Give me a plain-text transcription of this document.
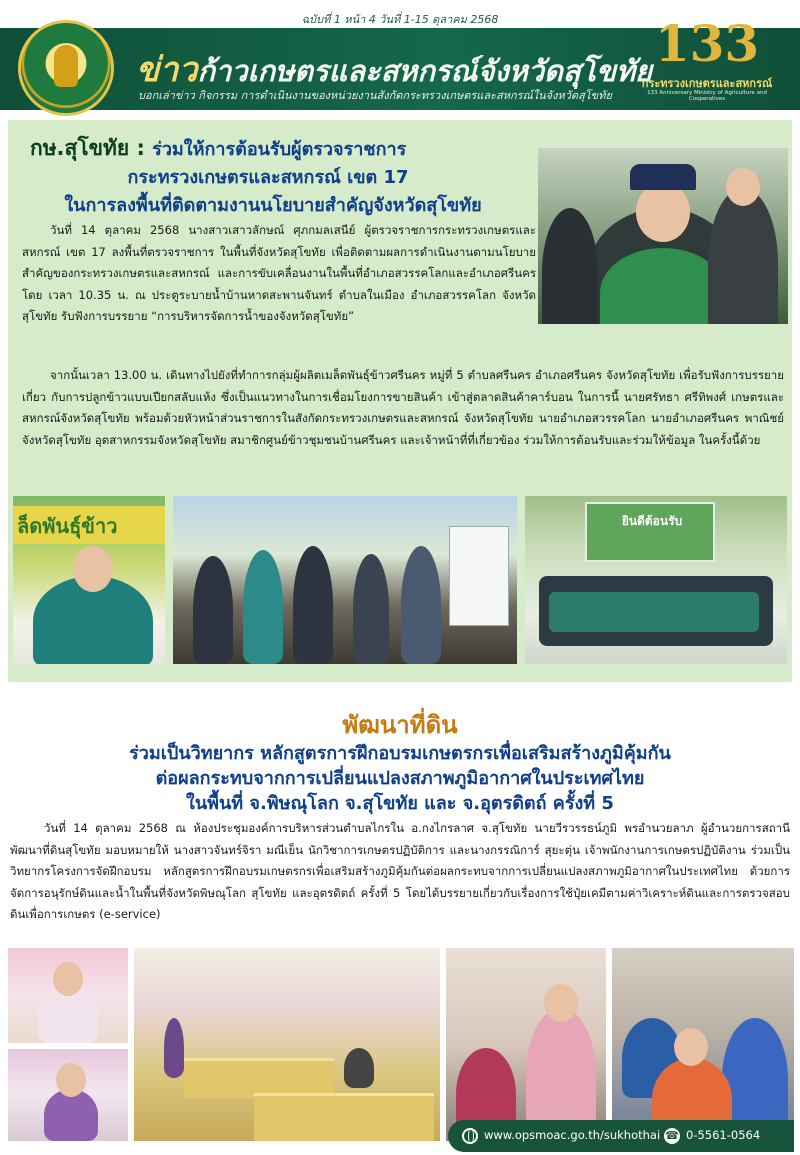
ฉบับที่ 1 หน้า 4 วันที่ 1-15 ตุลาคม 2568
ข่าวก้าวเกษตรและสหกรณ์จังหวัดสุโขทัย
บอกเล่าข่าว กิจกรรม การดำเนินงานของหน่วยงานสังกัดกระทรวงเกษตรและสหกรณ์ในจังหวัดสุโขทัย
133
กระทรวงเกษตรและสหกรณ์
133 Anniversary Ministry of Agriculture and Cooperatives
กษ.สุโขทัย : ร่วมให้การต้อนรับผู้ตรวจราชการ
กระทรวงเกษตรและสหกรณ์ เขต 17
ในการลงพื้นที่ติดตามงานนโยบายสำคัญจังหวัดสุโขทัย
วันที่ 14 ตุลาคม 2568 นางสาวเสาวลักษณ์ ศุภกมลเสนีย์ ผู้ตรวจราชการกระทรวงเกษตรและสหกรณ์ เขต 17 ลงพื้นที่ตรวจราชการ ในพื้นที่จังหวัดสุโขทัย เพื่อติดตามผลการดำเนินงานตามนโยบายสำคัญของกระทรวงเกษตรและสหกรณ์ และการขับเคลื่อนงานในพื้นที่อำเภอสวรรคโลกและอำเภอศรีนคร โดย เวลา 10.35 น. ณ ประตูระบายน้ำบ้านหาดสะพานจันทร์ ตำบลในเมือง อำเภอสวรรคโลก จังหวัดสุโขทัย รับฟังการบรรยาย “การบริหารจัดการน้ำของจังหวัดสุโขทัย”
จากนั้นเวลา 13.00 น. เดินทางไปยังที่ทำการกลุ่มผู้ผลิตเมล็ดพันธุ์ข้าวศรีนคร หมู่ที่ 5 ตำบลศรีนคร อำเภอศรีนคร จังหวัดสุโขทัย เพื่อรับฟังการบรรยายเกี่ยว กับการปลูกข้าวแบบเปียกสลับแห้ง ซึ่งเป็นแนวทางในการเชื่อมโยงการขายสินค้า เข้าสู่ตลาดสินค้าคาร์บอน ในการนี้ นายศรัทธา ศรีทิพงศ์ เกษตรและสหกรณ์จังหวัดสุโขทัย พร้อมด้วยหัวหน้าส่วนราชการในสังกัดกระทรวงเกษตรและสหกรณ์ จังหวัดสุโขทัย นายอำเภอสวรรคโลก นายอำเภอศรีนคร พาณิชย์จังหวัดสุโขทัย อุตสาหกรรมจังหวัดสุโขทัย สมาชิกศูนย์ข้าวชุมชนบ้านศรีนคร และเจ้าหน้าที่ที่เกี่ยวข้อง ร่วมให้การต้อนรับและร่วมให้ข้อมูล ในครั้งนี้ด้วย
ล็ดพันธุ์ข้าว	ยินดีต้อนรับ
พัฒนาที่ดิน
ร่วมเป็นวิทยากร หลักสูตรการฝึกอบรมเกษตรกรเพื่อเสริมสร้างภูมิคุ้มกัน
ต่อผลกระทบจากการเปลี่ยนแปลงสภาพภูมิอากาศในประเทศไทย
ในพื้นที่ จ.พิษณุโลก จ.สุโขทัย และ จ.อุตรดิตถ์ ครั้งที่ 5
วันที่ 14 ตุลาคม 2568 ณ ห้องประชุมองค์การบริหารส่วนตำบลไกรใน อ.กงไกรลาศ จ.สุโขทัย นายวีรวรรธน์ภูมิ พรอำนวยลาภ ผู้อำนวยการสถานีพัฒนาที่ดินสุโขทัย มอบหมายให้ นางสาวจันทร์จิรา มณีเย็น นักวิชาการเกษตรปฏิบัติการ และนางกรรณิการ์ สุยะตุ่น เจ้าพนักงานการเกษตรปฏิบัติงาน ร่วมเป็นวิทยากรโครงการจัดฝึกอบรม หลักสูตรการฝึกอบรมเกษตรกรเพื่อเสริมสร้างภูมิคุ้มกันต่อผลกระทบจากการเปลี่ยนแปลงสภาพภูมิอากาศในประเทศไทย ด้วยการจัดการอนุรักษ์ดินและน้ำในพื้นที่จังหวัดพิษณุโลก สุโขทัย และอุตรดิตถ์ ครั้งที่ 5 โดยได้บรรยายเกี่ยวกับเรื่องการใช้ปุ๋ยเคมีตามค่าวิเคราะห์ดินและการตรวจสอบดินเพื่อการเกษตร (e-service)
www.opsmoac.go.th/sukhothai ☎ 0-5561-0564
